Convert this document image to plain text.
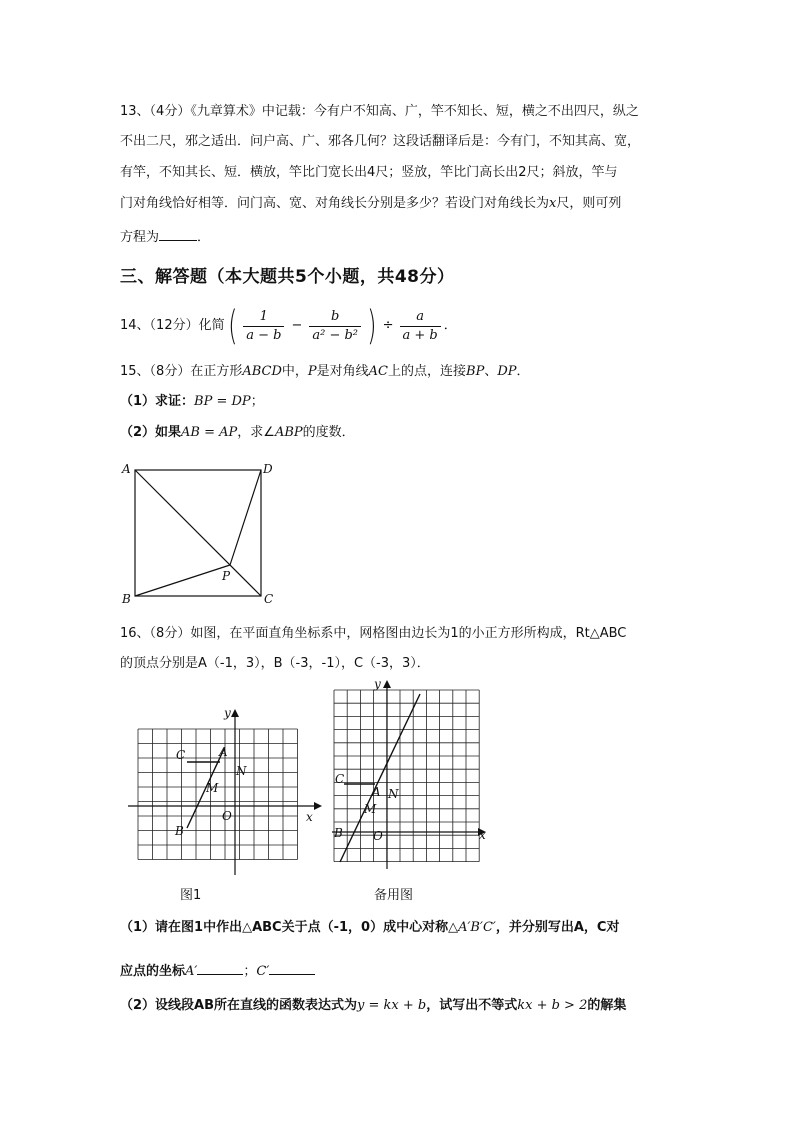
13、（4分）《九章算术》中记载：今有户不知高、广，竿不知长、短，横之不出四尺，纵之
不出二尺，邪之适出．问户高、广、邪各几何？这段话翻译后是：今有门，不知其高、宽，
有竿，不知其长、短．横放，竿比门宽长出4尺；竖放，竿比门高长出2尺；斜放，竿与
门对角线恰好相等．问门高、宽、对角线长分别是多少？若设门对角线长为x尺，则可列
方程为	．
三、解答题（本大题共5个小题，共48分）
14、（12分）化简 ( $\frac{1}{a - b} - \frac{b}{\text{a² − b²}}$ ) ÷ $\frac{a}{a + b}$ ．
15、（8分）在正方形ABCD中，P是对角线AC上的点，连接BP、DP．
（1）求证：BP = DP；
（2）如果AB = AP，求∠ABP的度数．
A	D
B	C
P
16、（8分）如图，在平面直角坐标系中，网格图由边长为1的小正方形所构成，Rt△ABC
的顶点分别是A（-1，3），B（-3，-1），C（-3，3）．
y
x
O
A
C
N
M
B
图1
y
x
O
A
C
N
M
B
备用图
（1）请在图1中作出△ABC关于点（-1，0）成中心对称△A′B′C′，并分别写出A，C对
应点的坐标A′	；C′
（2）设线段AB所在直线的函数表达式为y = kx + b，试写出不等式kx + b > 2的解集
